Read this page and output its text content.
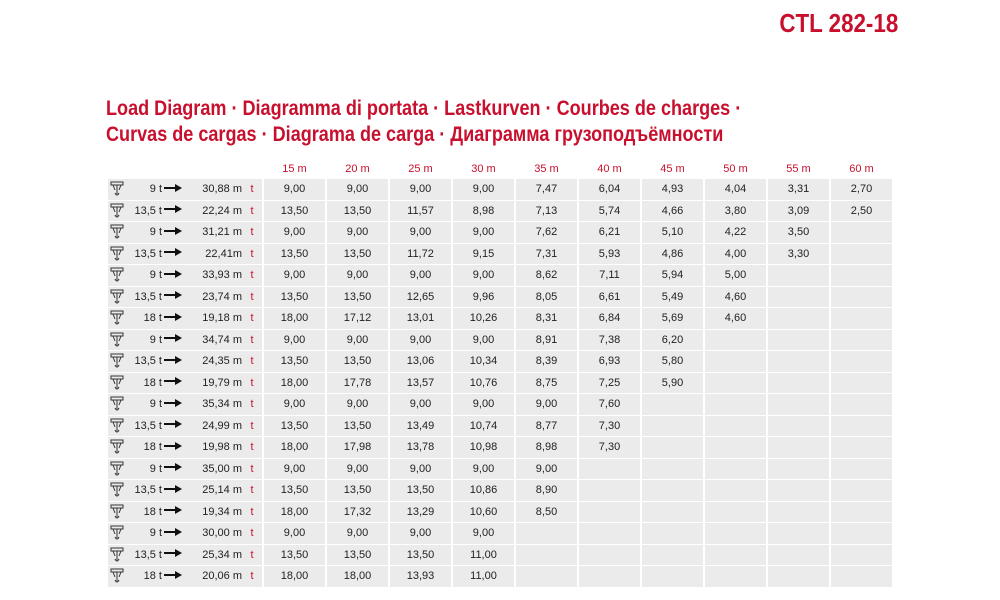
CTL 282-18
Load Diagram · Diagramma di portata · Lastkurven · Courbes de charges ·
Curvas de cargas · Diagrama de carga · Диаграмма грузоподъёмности
	15 m	20 m	25 m	30 m	35 m	40 m	45 m	50 m	55 m	60 m

9 t 30,88 m t	9,00	9,00	9,00	9,00	7,47	6,04	4,93	4,04	3,31	2,70

13,5 t 22,24 m t	13,50	13,50	11,57	8,98	7,13	5,74	4,66	3,80	3,09	2,50

9 t 31,21 m t	9,00	9,00	9,00	9,00	7,62	6,21	5,10	4,22	3,50	

13,5 t 22,41m t	13,50	13,50	11,72	9,15	7,31	5,93	4,86	4,00	3,30	

9 t 33,93 m t	9,00	9,00	9,00	9,00	8,62	7,11	5,94	5,00		

13,5 t 23,74 m t	13,50	13,50	12,65	9,96	8,05	6,61	5,49	4,60		

18 t 19,18 m t	18,00	17,12	13,01	10,26	8,31	6,84	5,69	4,60		

9 t 34,74 m t	9,00	9,00	9,00	9,00	8,91	7,38	6,20			

13,5 t 24,35 m t	13,50	13,50	13,06	10,34	8,39	6,93	5,80			

18 t 19,79 m t	18,00	17,78	13,57	10,76	8,75	7,25	5,90			

9 t 35,34 m t	9,00	9,00	9,00	9,00	9,00	7,60				

13,5 t 24,99 m t	13,50	13,50	13,49	10,74	8,77	7,30				

18 t 19,98 m t	18,00	17,98	13,78	10,98	8,98	7,30				

9 t 35,00 m t	9,00	9,00	9,00	9,00	9,00					

13,5 t 25,14 m t	13,50	13,50	13,50	10,86	8,90					

18 t 19,34 m t	18,00	17,32	13,29	10,60	8,50					

9 t 30,00 m t	9,00	9,00	9,00	9,00						

13,5 t 25,34 m t	13,50	13,50	13,50	11,00						

18 t 20,06 m t	18,00	18,00	13,93	11,00						
